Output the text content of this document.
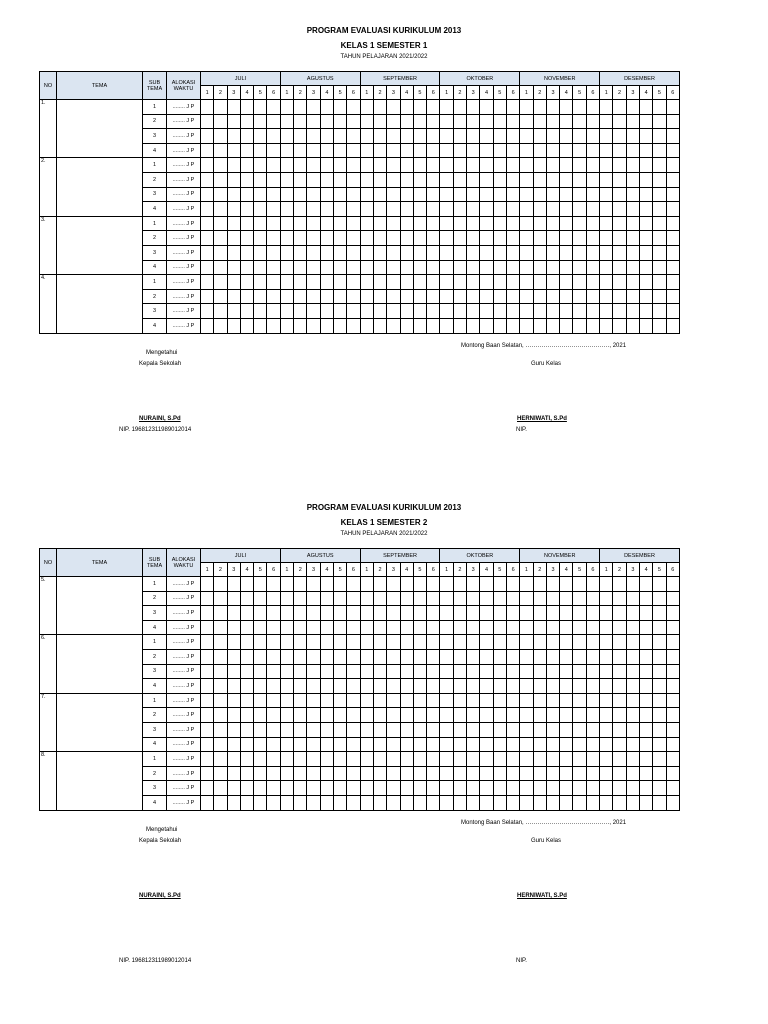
PROGRAM EVALUASI KURIKULUM 2013
KELAS 1 SEMESTER 1
TAHUN PELAJARAN 2021/2022
NO	TEMA	SUB TEMA	ALOKASI WAKTU	JULI						AGUSTUS						SEPTEMBER						OKTOBER						NOVEMBER						DESEMBER					
				1	2	3	4	5	6	1	2	3	4	5	6	1	2	3	4	5	6	1	2	3	4	5	6	1	2	3	4	5	6	1	2	3	4	5	6
1.		1	........ J P																																				
		2	........ J P																																				
		3	........ J P																																				
		4	........ J P																																				
2.		1	........ J P																																				
		2	........ J P																																				
		3	........ J P																																				
		4	........ J P																																				
3.		1	........ J P																																				
		2	........ J P																																				
		3	........ J P																																				
		4	........ J P																																				
4.		1	........ J P																																				
		2	........ J P																																				
		3	........ J P																																				
		4	........ J P																																				
Montong Baan Selatan, ……………………………………, 2021
Mengetahui
Kepala Sekolah	Guru Kelas
NURAINI, S.Pd	HERNIWATI, S.Pd
NIP. 196812311989012014	NIP.
PROGRAM EVALUASI KURIKULUM 2013
KELAS 1 SEMESTER 2
TAHUN PELAJARAN 2021/2022
NO	TEMA	SUB TEMA	ALOKASI WAKTU	JULI						AGUSTUS						SEPTEMBER						OKTOBER						NOVEMBER						DESEMBER					
				1	2	3	4	5	6	1	2	3	4	5	6	1	2	3	4	5	6	1	2	3	4	5	6	1	2	3	4	5	6	1	2	3	4	5	6
5.		1	........ J P																																				
		2	........ J P																																				
		3	........ J P																																				
		4	........ J P																																				
6.		1	........ J P																																				
		2	........ J P																																				
		3	........ J P																																				
		4	........ J P																																				
7.		1	........ J P																																				
		2	........ J P																																				
		3	........ J P																																				
		4	........ J P																																				
8.		1	........ J P																																				
		2	........ J P																																				
		3	........ J P																																				
		4	........ J P																																				
Montong Baan Selatan, ……………………………………, 2021
Mengetahui
Kepala Sekolah	Guru Kelas
NURAINI, S.Pd	HERNIWATI, S.Pd
NIP. 196812311989012014	NIP.
